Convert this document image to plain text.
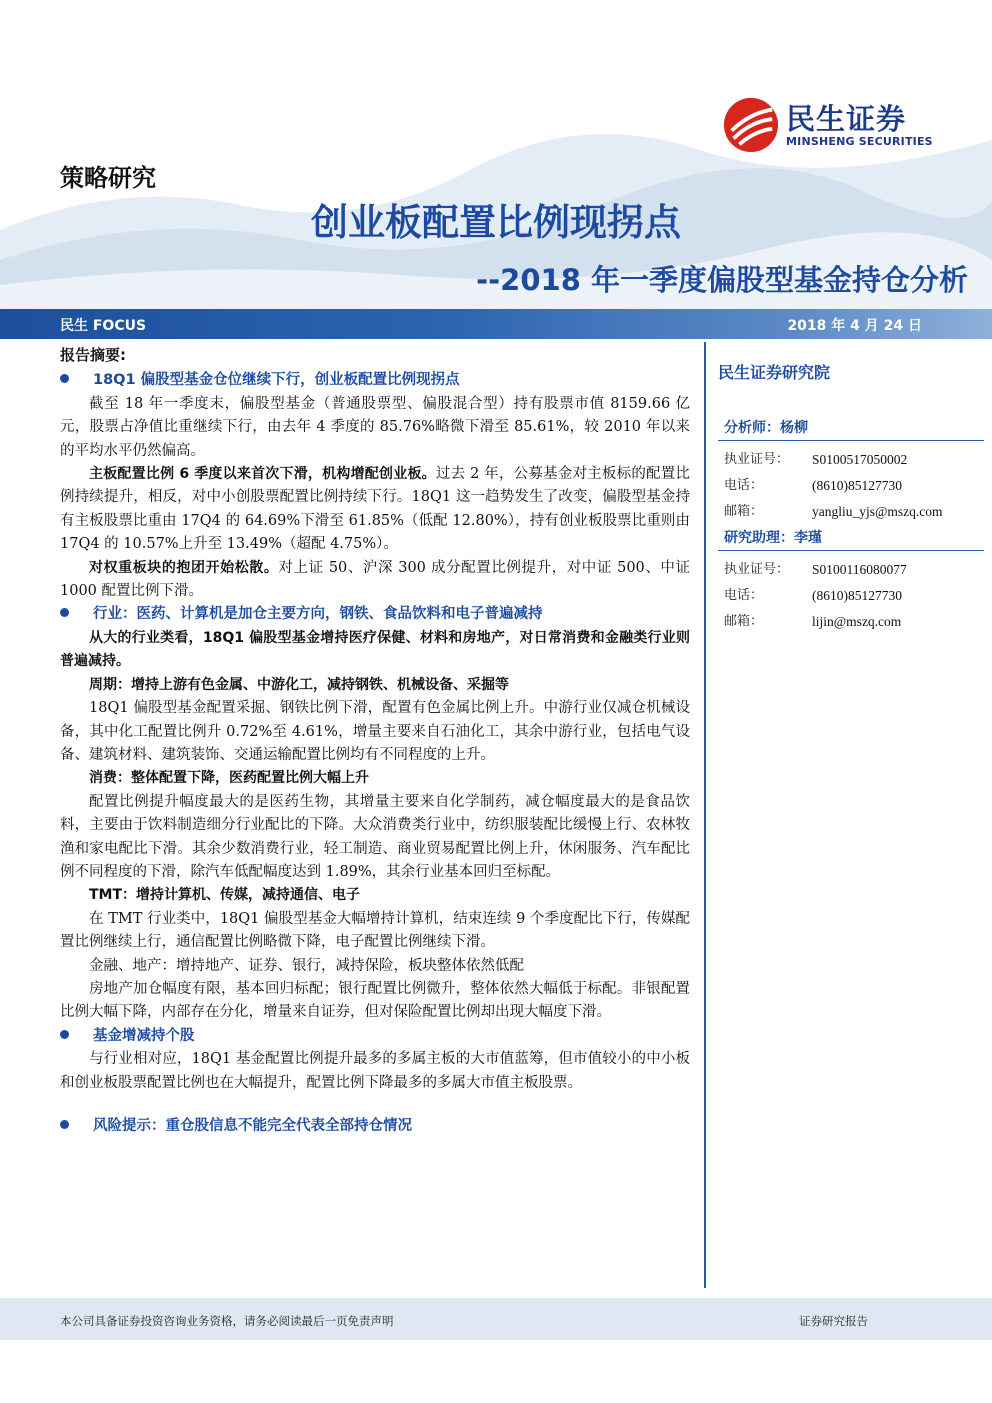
民生证券
MINSHENG SECURITIES
策略研究
创业板配置比例现拐点
--2018 年一季度偏股型基金持仓分析
民生 FOCUS	2018 年 4 月 24 日

报告摘要:

18Q1 偏股型基金仓位继续下行，创业板配置比例现拐点

截至 18 年一季度末，偏股型基金（普通股票型、偏股混合型）持有股票市值 8159.66 亿元，股票占净值比重继续下行，由去年 4 季度的 85.76%略微下滑至 85.61%，较 2010 年以来的平均水平仍然偏高。

主板配置比例 6 季度以来首次下滑，机构增配创业板。过去 2 年，公募基金对主板标的配置比例持续提升，相反，对中小创股票配置比例持续下行。18Q1 这一趋势发生了改变，偏股型基金持有主板股票比重由 17Q4 的 64.69%下滑至 61.85%（低配 12.80%），持有创业板股票比重则由 17Q4 的 10.57%上升至 13.49%（超配 4.75%）。

对权重板块的抱团开始松散。对上证 50、沪深 300 成分配置比例提升，对中证 500、中证 1000 配置比例下滑。

行业：医药、计算机是加仓主要方向，钢铁、食品饮料和电子普遍减持

从大的行业类看，18Q1 偏股型基金增持医疗保健、材料和房地产，对日常消费和金融类行业则普遍减持。

周期：增持上游有色金属、中游化工，减持钢铁、机械设备、采掘等

18Q1 偏股型基金配置采掘、钢铁比例下滑，配置有色金属比例上升。中游行业仅减仓机械设备，其中化工配置比例升 0.72%至 4.61%，增量主要来自石油化工，其余中游行业，包括电气设备、建筑材料、建筑装饰、交通运输配置比例均有不同程度的上升。

消费：整体配置下降，医药配置比例大幅上升

配置比例提升幅度最大的是医药生物，其增量主要来自化学制药，减仓幅度最大的是食品饮料，主要由于饮料制造细分行业配比的下降。大众消费类行业中，纺织服装配比缓慢上行、农林牧渔和家电配比下滑。其余少数消费行业，轻工制造、商业贸易配置比例上升，休闲服务、汽车配比例不同程度的下滑，除汽车低配幅度达到 1.89%，其余行业基本回归至标配。

TMT：增持计算机、传媒，减持通信、电子

在 TMT 行业类中，18Q1 偏股型基金大幅增持计算机，结束连续 9 个季度配比下行，传媒配置比例继续上行，通信配置比例略微下降，电子配置比例继续下滑。

金融、地产：增持地产、证券、银行，减持保险，板块整体依然低配

房地产加仓幅度有限，基本回归标配；银行配置比例微升，整体依然大幅低于标配。非银配置比例大幅下降，内部存在分化，增量来自证券，但对保险配置比例却出现大幅度下滑。

基金增减持个股

与行业相对应，18Q1 基金配置比例提升最多的多属主板的大市值蓝筹，但市值较小的中小板和创业板股票配置比例也在大幅提升，配置比例下降最多的多属大市值主板股票。

风险提示：重仓股信息不能完全代表全部持仓情况
民生证券研究院
分析师：杨柳
执业证号：	S0100517050002
电话：	(8610)85127730
邮箱：	yangliu_yjs@mszq.com
研究助理：李瑾
执业证号：	S0100116080077
电话：	(8610)85127730
邮箱：	lijin@mszq.com
本公司具备证券投资咨询业务资格，请务必阅读最后一页免责声明	证券研究报告
